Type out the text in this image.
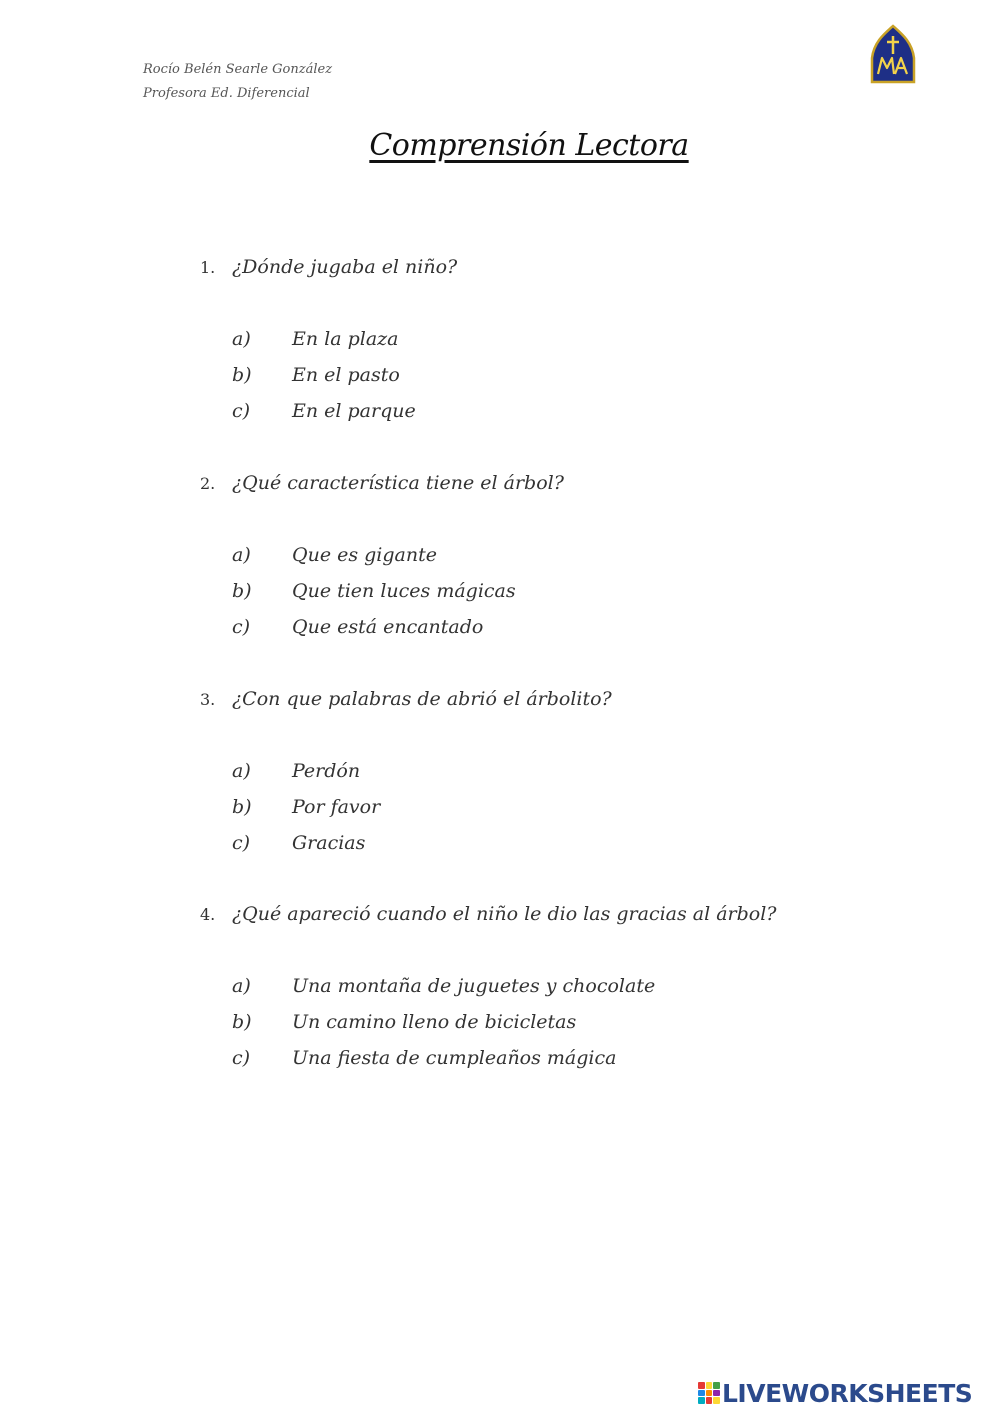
Rocío Belén Searle González
Profesora Ed. Diferencial
Comprensión Lectora
1. ¿Dónde jugaba el niño?
a) En la plaza
b) En el pasto
c) En el parque
2. ¿Qué característica tiene el árbol?
a) Que es gigante
b) Que tien luces mágicas
c) Que está encantado
3. ¿Con que palabras de abrió el árbolito?
a) Perdón
b) Por favor
c) Gracias
4. ¿Qué apareció cuando el niño le dio las gracias al árbol?
a) Una montaña de juguetes y chocolate
b) Un camino lleno de bicicletas
c) Una fiesta de cumpleaños mágica
LIVEWORKSHEETS
